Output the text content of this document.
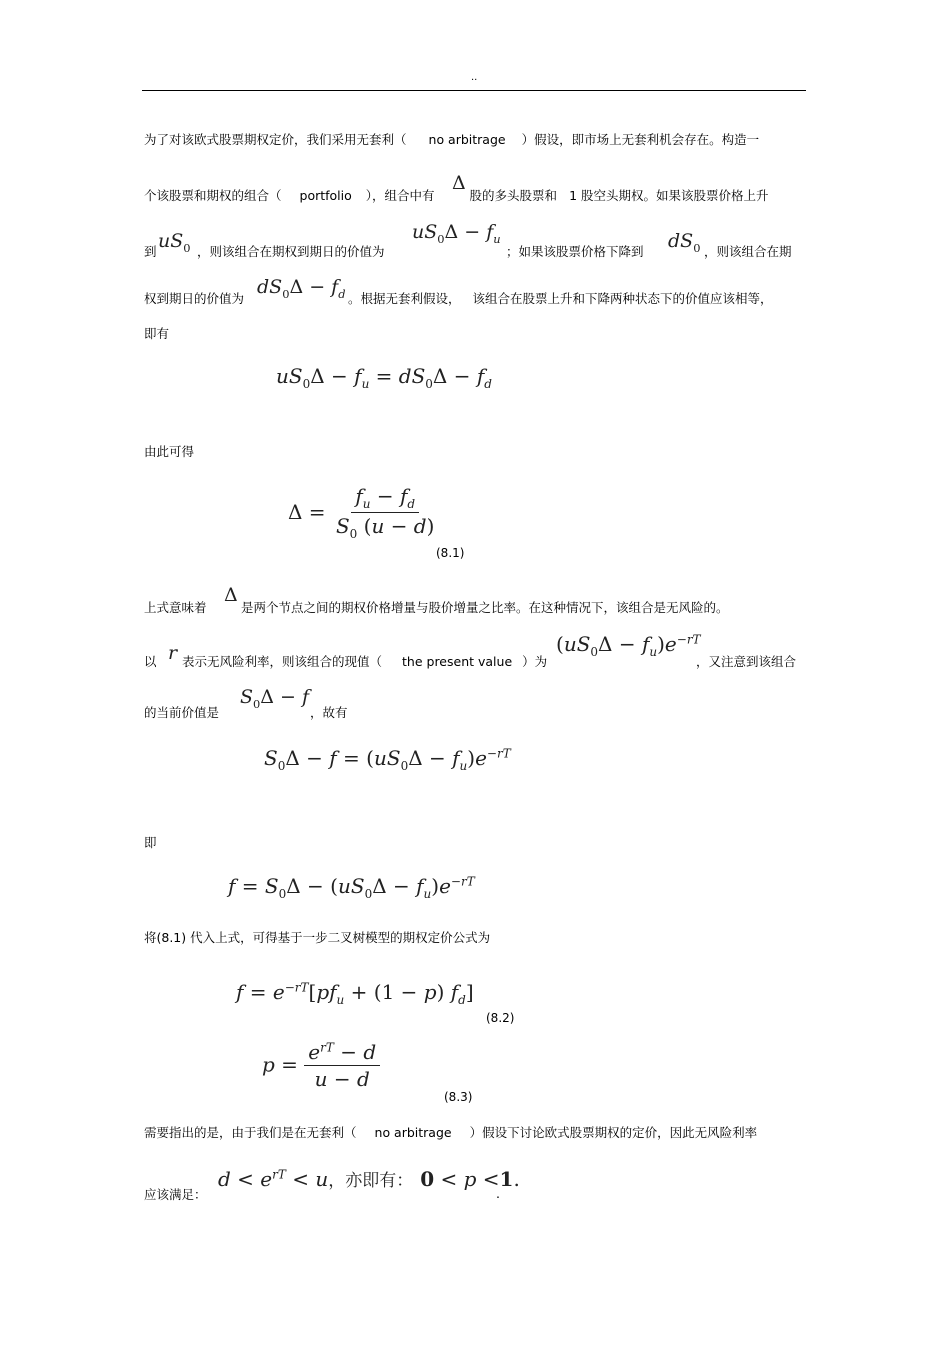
..
为了对该欧式股票期权定价，我们采用无套利（ no arbitrage ）假设，即市场上无套利机会存在。构造一
Δ
个该股票和期权的组合（ portfolio ），组合中有	股的多头股票和 1 股空头期权。如果该股票价格上升
到 $uS_0$ ，则该组合在期权到期日的价值为
$uS_0\Delta - f_u$
；如果该股票价格下降到 $dS_0$ ，则该组合在期
权到期日的价值为
$dS_0\Delta - f_d$ 。根据无套利假设， 该组合在股票上升和下降两种状态下的价值应该相等，
即有
$uS_0\Delta - f_u = dS_0\Delta - f_d$
由此可得
$\Delta = \frac{f_u - f_d}{S_0 (u - d)}$
(8.1)
Δ
上式意味着	是两个节点之间的期权价格增量与股价增量之比率。在这种情况下，该组合是无风险的。
以 r 表示无风险利率，则该组合的现值（ the present value ）为
$(uS_0\Delta - f_u)e^{-rT}$
，又注意到该组合
的当前价值是
$S_0\Delta - f$
，故有
$S_0\Delta - f = (uS_0\Delta - f_u)e^{-rT}$
即
$f = S_0\Delta - (uS_0\Delta - f_u)e^{-rT}$
将(8.1) 代入上式，可得基于一步二叉树模型的期权定价公式为
$f = e^{-rT}[pf_u + (1 - p)$ $f_d$]
(8.2)
$p = \frac{e^{rT} - d}{u - d}$
(8.3)
需要指出的是，由于我们是在无套利（ no arbitrage ）假设下讨论欧式股票期权的定价，因此无风险利率
应该满足：
$d < e^{rT} < u$，亦即有： 0 < p <1.
.
